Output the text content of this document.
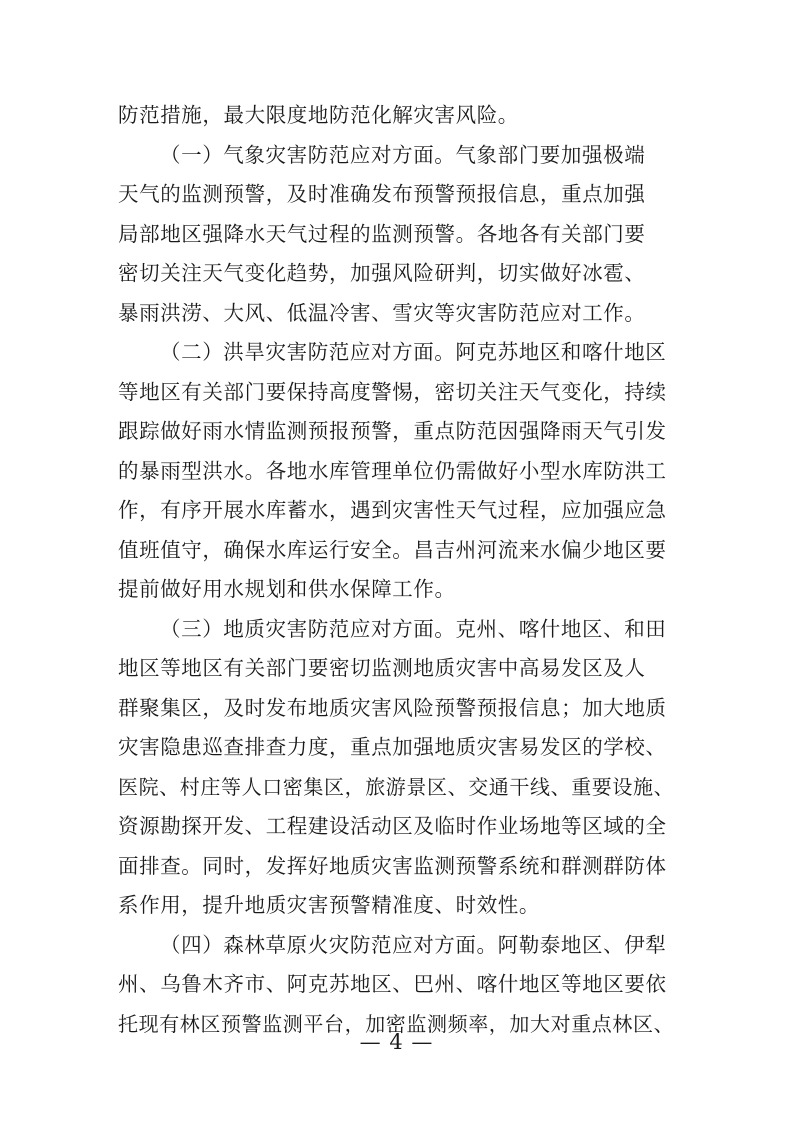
防范措施，最大限度地防范化解灾害风险。
（一）气象灾害防范应对方面。气象部门要加强极端
天气的监测预警，及时准确发布预警预报信息，重点加强
局部地区强降水天气过程的监测预警。各地各有关部门要
密切关注天气变化趋势，加强风险研判，切实做好冰雹、
暴雨洪涝、大风、低温冷害、雪灾等灾害防范应对工作。
（二）洪旱灾害防范应对方面。阿克苏地区和喀什地区
等地区有关部门要保持高度警惕，密切关注天气变化，持续
跟踪做好雨水情监测预报预警，重点防范因强降雨天气引发
的暴雨型洪水。各地水库管理单位仍需做好小型水库防洪工
作，有序开展水库蓄水，遇到灾害性天气过程，应加强应急
值班值守，确保水库运行安全。昌吉州河流来水偏少地区要
提前做好用水规划和供水保障工作。
（三）地质灾害防范应对方面。克州、喀什地区、和田
地区等地区有关部门要密切监测地质灾害中高易发区及人
群聚集区，及时发布地质灾害风险预警预报信息；加大地质
灾害隐患巡查排查力度，重点加强地质灾害易发区的学校、
医院、村庄等人口密集区，旅游景区、交通干线、重要设施、
资源勘探开发、工程建设活动区及临时作业场地等区域的全
面排查。同时，发挥好地质灾害监测预警系统和群测群防体
系作用，提升地质灾害预警精准度、时效性。
（四）森林草原火灾防范应对方面。阿勒泰地区、伊犁
州、乌鲁木齐市、阿克苏地区、巴州、喀什地区等地区要依
托现有林区预警监测平台，加密监测频率，加大对重点林区、
— 4 —
